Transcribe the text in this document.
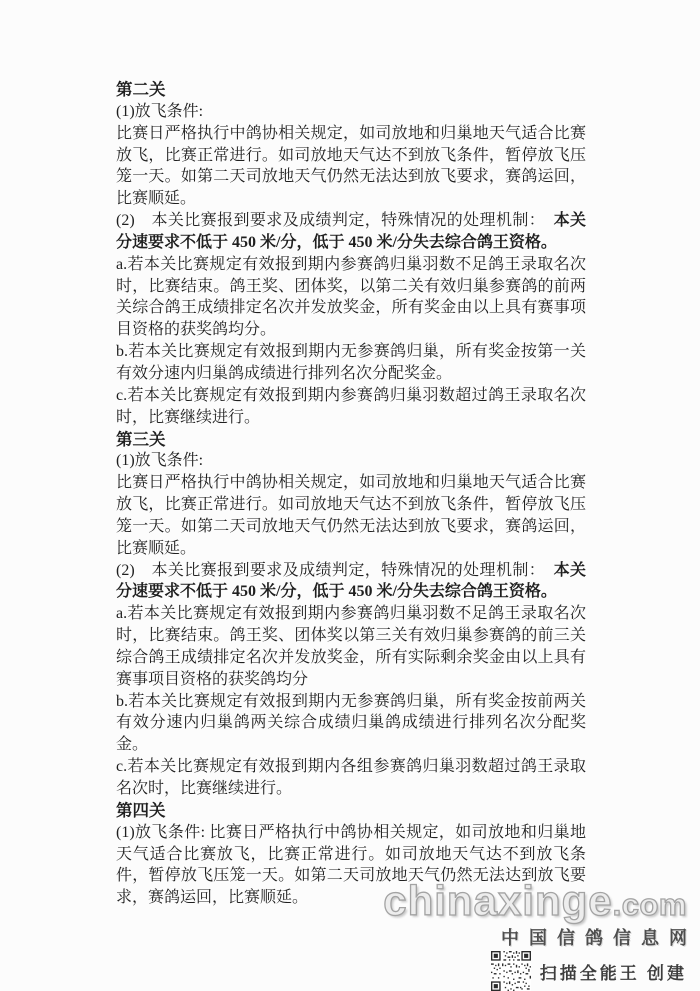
第二关

(1)放飞条件:

比赛日严格执行中鸽协相关规定，如司放地和归巢地天气适合比赛放飞，比赛正常进行。如司放地天气达不到放飞条件，暂停放飞压笼一天。如第二天司放地天气仍然无法达到放飞要求，赛鸽运回，比赛顺延。

(2)　本关比赛报到要求及成绩判定，特殊情况的处理机制：　本关分速要求不低于 450 米/分，低于 450 米/分失去综合鸽王资格。

a.若本关比赛规定有效报到期内参赛鸽归巢羽数不足鸽王录取名次时，比赛结束。鸽王奖、团体奖，以第二关有效归巢参赛鸽的前两关综合鸽王成绩排定名次并发放奖金，所有奖金由以上具有赛事项目资格的获奖鸽均分。

b.若本关比赛规定有效报到期内无参赛鸽归巢，所有奖金按第一关有效分速内归巢鸽成绩进行排列名次分配奖金。

c.若本关比赛规定有效报到期内参赛鸽归巢羽数超过鸽王录取名次时，比赛继续进行。

第三关

(1)放飞条件:

比赛日严格执行中鸽协相关规定，如司放地和归巢地天气适合比赛放飞，比赛正常进行。如司放地天气达不到放飞条件，暂停放飞压笼一天。如第二天司放地天气仍然无法达到放飞要求，赛鸽运回，比赛顺延。

(2)　本关比赛报到要求及成绩判定，特殊情况的处理机制：　本关分速要求不低于 450 米/分，低于 450 米/分失去综合鸽王资格。

a.若本关比赛规定有效报到期内参赛鸽归巢羽数不足鸽王录取名次时，比赛结束。鸽王奖、团体奖以第三关有效归巢参赛鸽的前三关综合鸽王成绩排定名次并发放奖金，所有实际剩余奖金由以上具有赛事项目资格的获奖鸽均分

b.若本关比赛规定有效报到期内无参赛鸽归巢，所有奖金按前两关有效分速内归巢鸽两关综合成绩归巢鸽成绩进行排列名次分配奖金。

c.若本关比赛规定有效报到期内各组参赛鸽归巢羽数超过鸽王录取名次时，比赛继续进行。

第四关

(1)放飞条件: 比赛日严格执行中鸽协相关规定，如司放地和归巢地天气适合比赛放飞，比赛正常进行。如司放地天气达不到放飞条件，暂停放飞压笼一天。如第二天司放地天气仍然无法达到放飞要求，赛鸽运回，比赛顺延。	chinaxinge.com
中国信鸽信息网
扫描全能王 创建
